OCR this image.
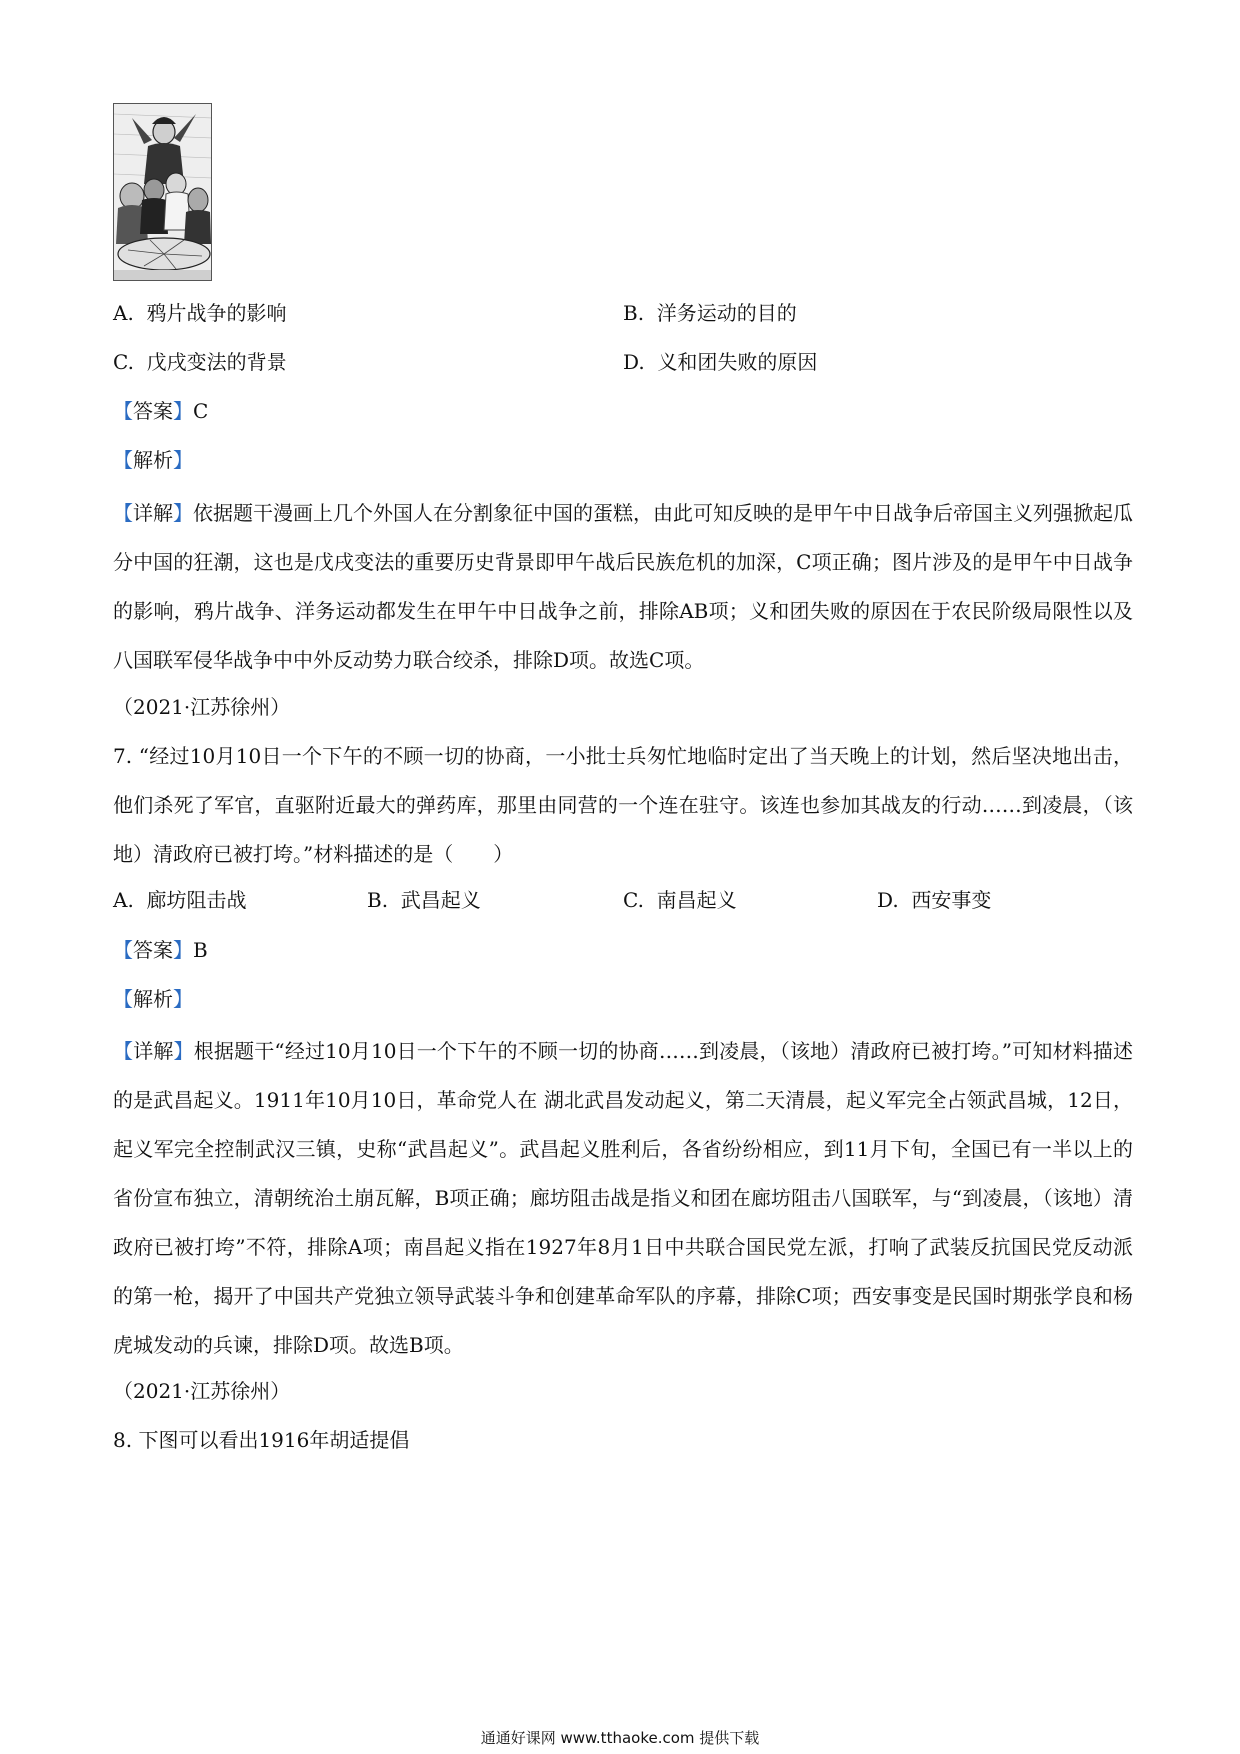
A. 鸦片战争的影响	B. 洋务运动的目的
C. 戊戌变法的背景	D. 义和团失败的原因
【答案】C
【解析】
【详解】依据题干漫画上几个外国人在分割象征中国的蛋糕，由此可知反映的是甲午中日战争后帝国主义列强掀起瓜分中国的狂潮，这也是戊戌变法的重要历史背景即甲午战后民族危机的加深，C项正确；图片涉及的是甲午中日战争的影响，鸦片战争、洋务运动都发生在甲午中日战争之前，排除AB项；义和团失败的原因在于农民阶级局限性以及八国联军侵华战争中中外反动势力联合绞杀，排除D项。故选C项。
（2021·江苏徐州）
7. “经过10月10日一个下午的不顾一切的协商，一小批士兵匆忙地临时定出了当天晚上的计划，然后坚决地出击，他们杀死了军官，直驱附近最大的弹药库，那里由同营的一个连在驻守。该连也参加其战友的行动……到凌晨，（该地）清政府已被打垮。”材料描述的是（　　）
A. 廊坊阻击战	B. 武昌起义	C. 南昌起义	D. 西安事变
【答案】B
【解析】
【详解】根据题干“经过10月10日一个下午的不顾一切的协商……到凌晨，（该地）清政府已被打垮。”可知材料描述的是武昌起义。1911年10月10日，革命党人在 湖北武昌发动起义，第二天清晨，起义军完全占领武昌城，12日，起义军完全控制武汉三镇，史称“武昌起义”。武昌起义胜利后，各省纷纷相应，到11月下旬，全国已有一半以上的省份宣布独立，清朝统治土崩瓦解，B项正确；廊坊阻击战是指义和团在廊坊阻击八国联军，与“到凌晨，（该地）清政府已被打垮”不符，排除A项；南昌起义指在1927年8月1日中共联合国民党左派，打响了武装反抗国民党反动派的第一枪，揭开了中国共产党独立领导武装斗争和创建革命军队的序幕，排除C项；西安事变是民国时期张学良和杨虎城发动的兵谏，排除D项。故选B项。
（2021·江苏徐州）
8. 下图可以看出1916年胡适提倡
通通好课网 www.tthaoke.com 提供下载
